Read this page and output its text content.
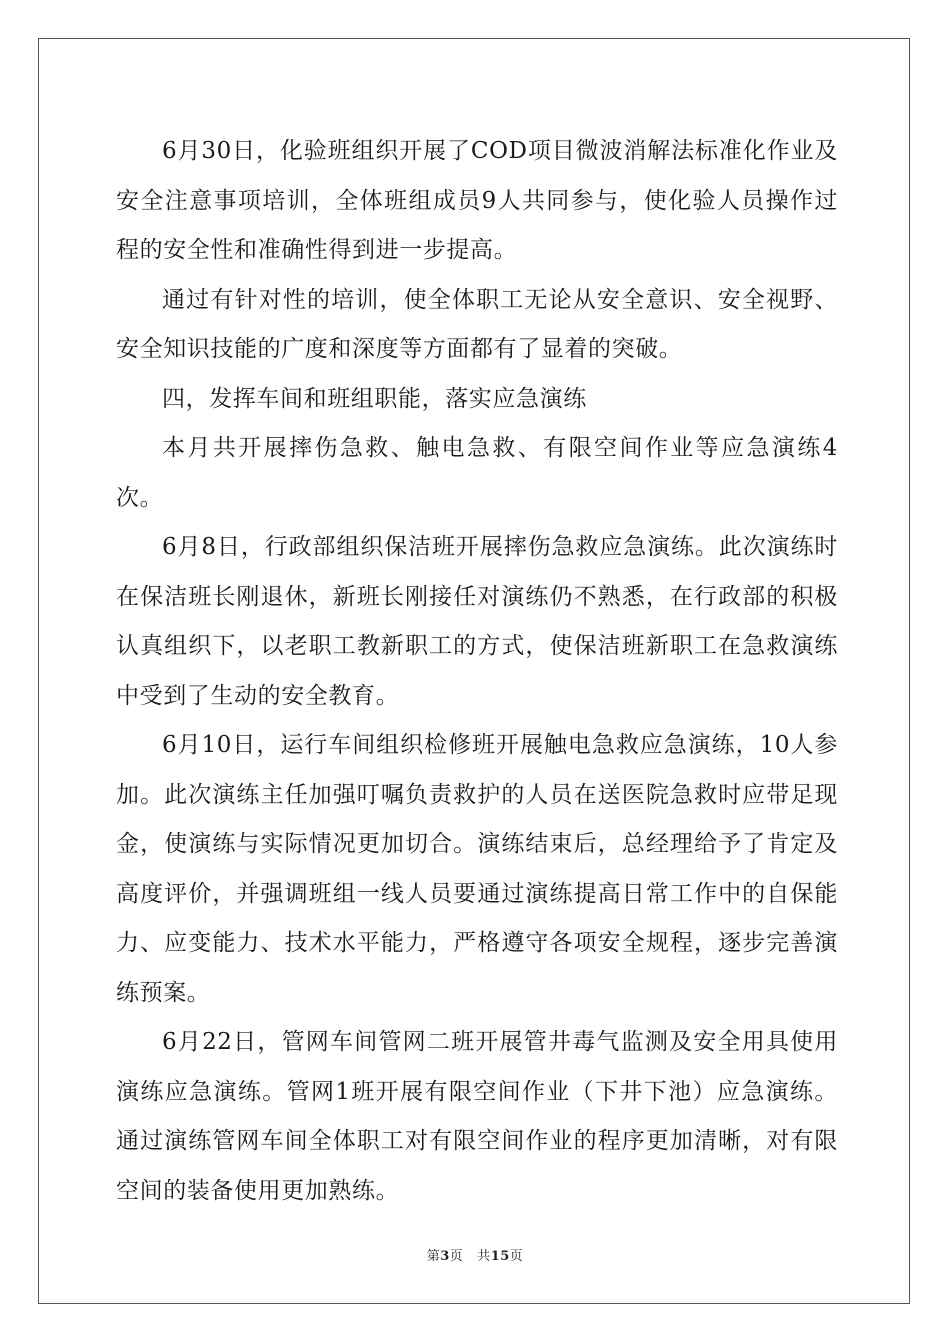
6月30日，化验班组织开展了COD项目微波消解法标准化作业及安全注意事项培训，全体班组成员9人共同参与，使化验人员操作过程的安全性和准确性得到进一步提高。

通过有针对性的培训，使全体职工无论从安全意识、安全视野、安全知识技能的广度和深度等方面都有了显着的突破。

四，发挥车间和班组职能，落实应急演练

本月共开展摔伤急救、触电急救、有限空间作业等应急演练4次。

6月8日，行政部组织保洁班开展摔伤急救应急演练。此次演练时在保洁班长刚退休，新班长刚接任对演练仍不熟悉，在行政部的积极认真组织下，以老职工教新职工的方式，使保洁班新职工在急救演练中受到了生动的安全教育。

6月10日，运行车间组织检修班开展触电急救应急演练，10人参加。此次演练主任加强叮嘱负责救护的人员在送医院急救时应带足现金，使演练与实际情况更加切合。演练结束后，总经理给予了肯定及高度评价，并强调班组一线人员要通过演练提高日常工作中的自保能力、应变能力、技术水平能力，严格遵守各项安全规程，逐步完善演练预案。

6月22日，管网车间管网二班开展管井毒气监测及安全用具使用演练应急演练。管网1班开展有限空间作业（下井下池）应急演练。通过演练管网车间全体职工对有限空间作业的程序更加清晰，对有限空间的装备使用更加熟练。

第3页 共15页
